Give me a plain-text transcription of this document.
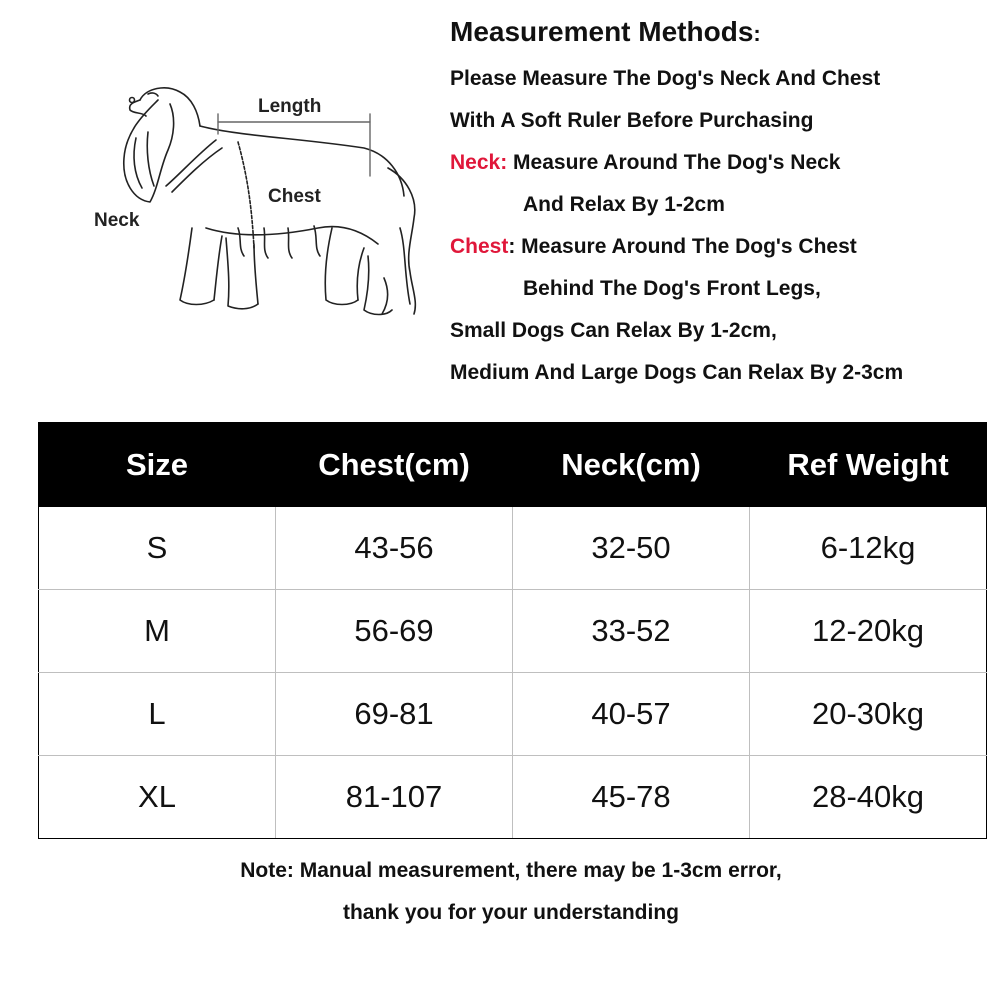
Length
Chest
Neck
Measurement Methods:
Please Measure The Dog's Neck And Chest
With A Soft Ruler Before Purchasing
Neck: Measure Around The Dog's Neck
And Relax By 1-2cm
Chest: Measure Around The Dog's Chest
Behind The Dog's Front Legs,
Small Dogs Can Relax By 1-2cm,
Medium And Large Dogs Can Relax By 2-3cm
Size	Chest(cm)	Neck(cm)	Ref Weight
S	43-56	32-50	6-12kg
M	56-69	33-52	12-20kg
L	69-81	40-57	20-30kg
XL	81-107	45-78	28-40kg
Note: Manual measurement, there may be 1-3cm error,
thank you for your understanding
